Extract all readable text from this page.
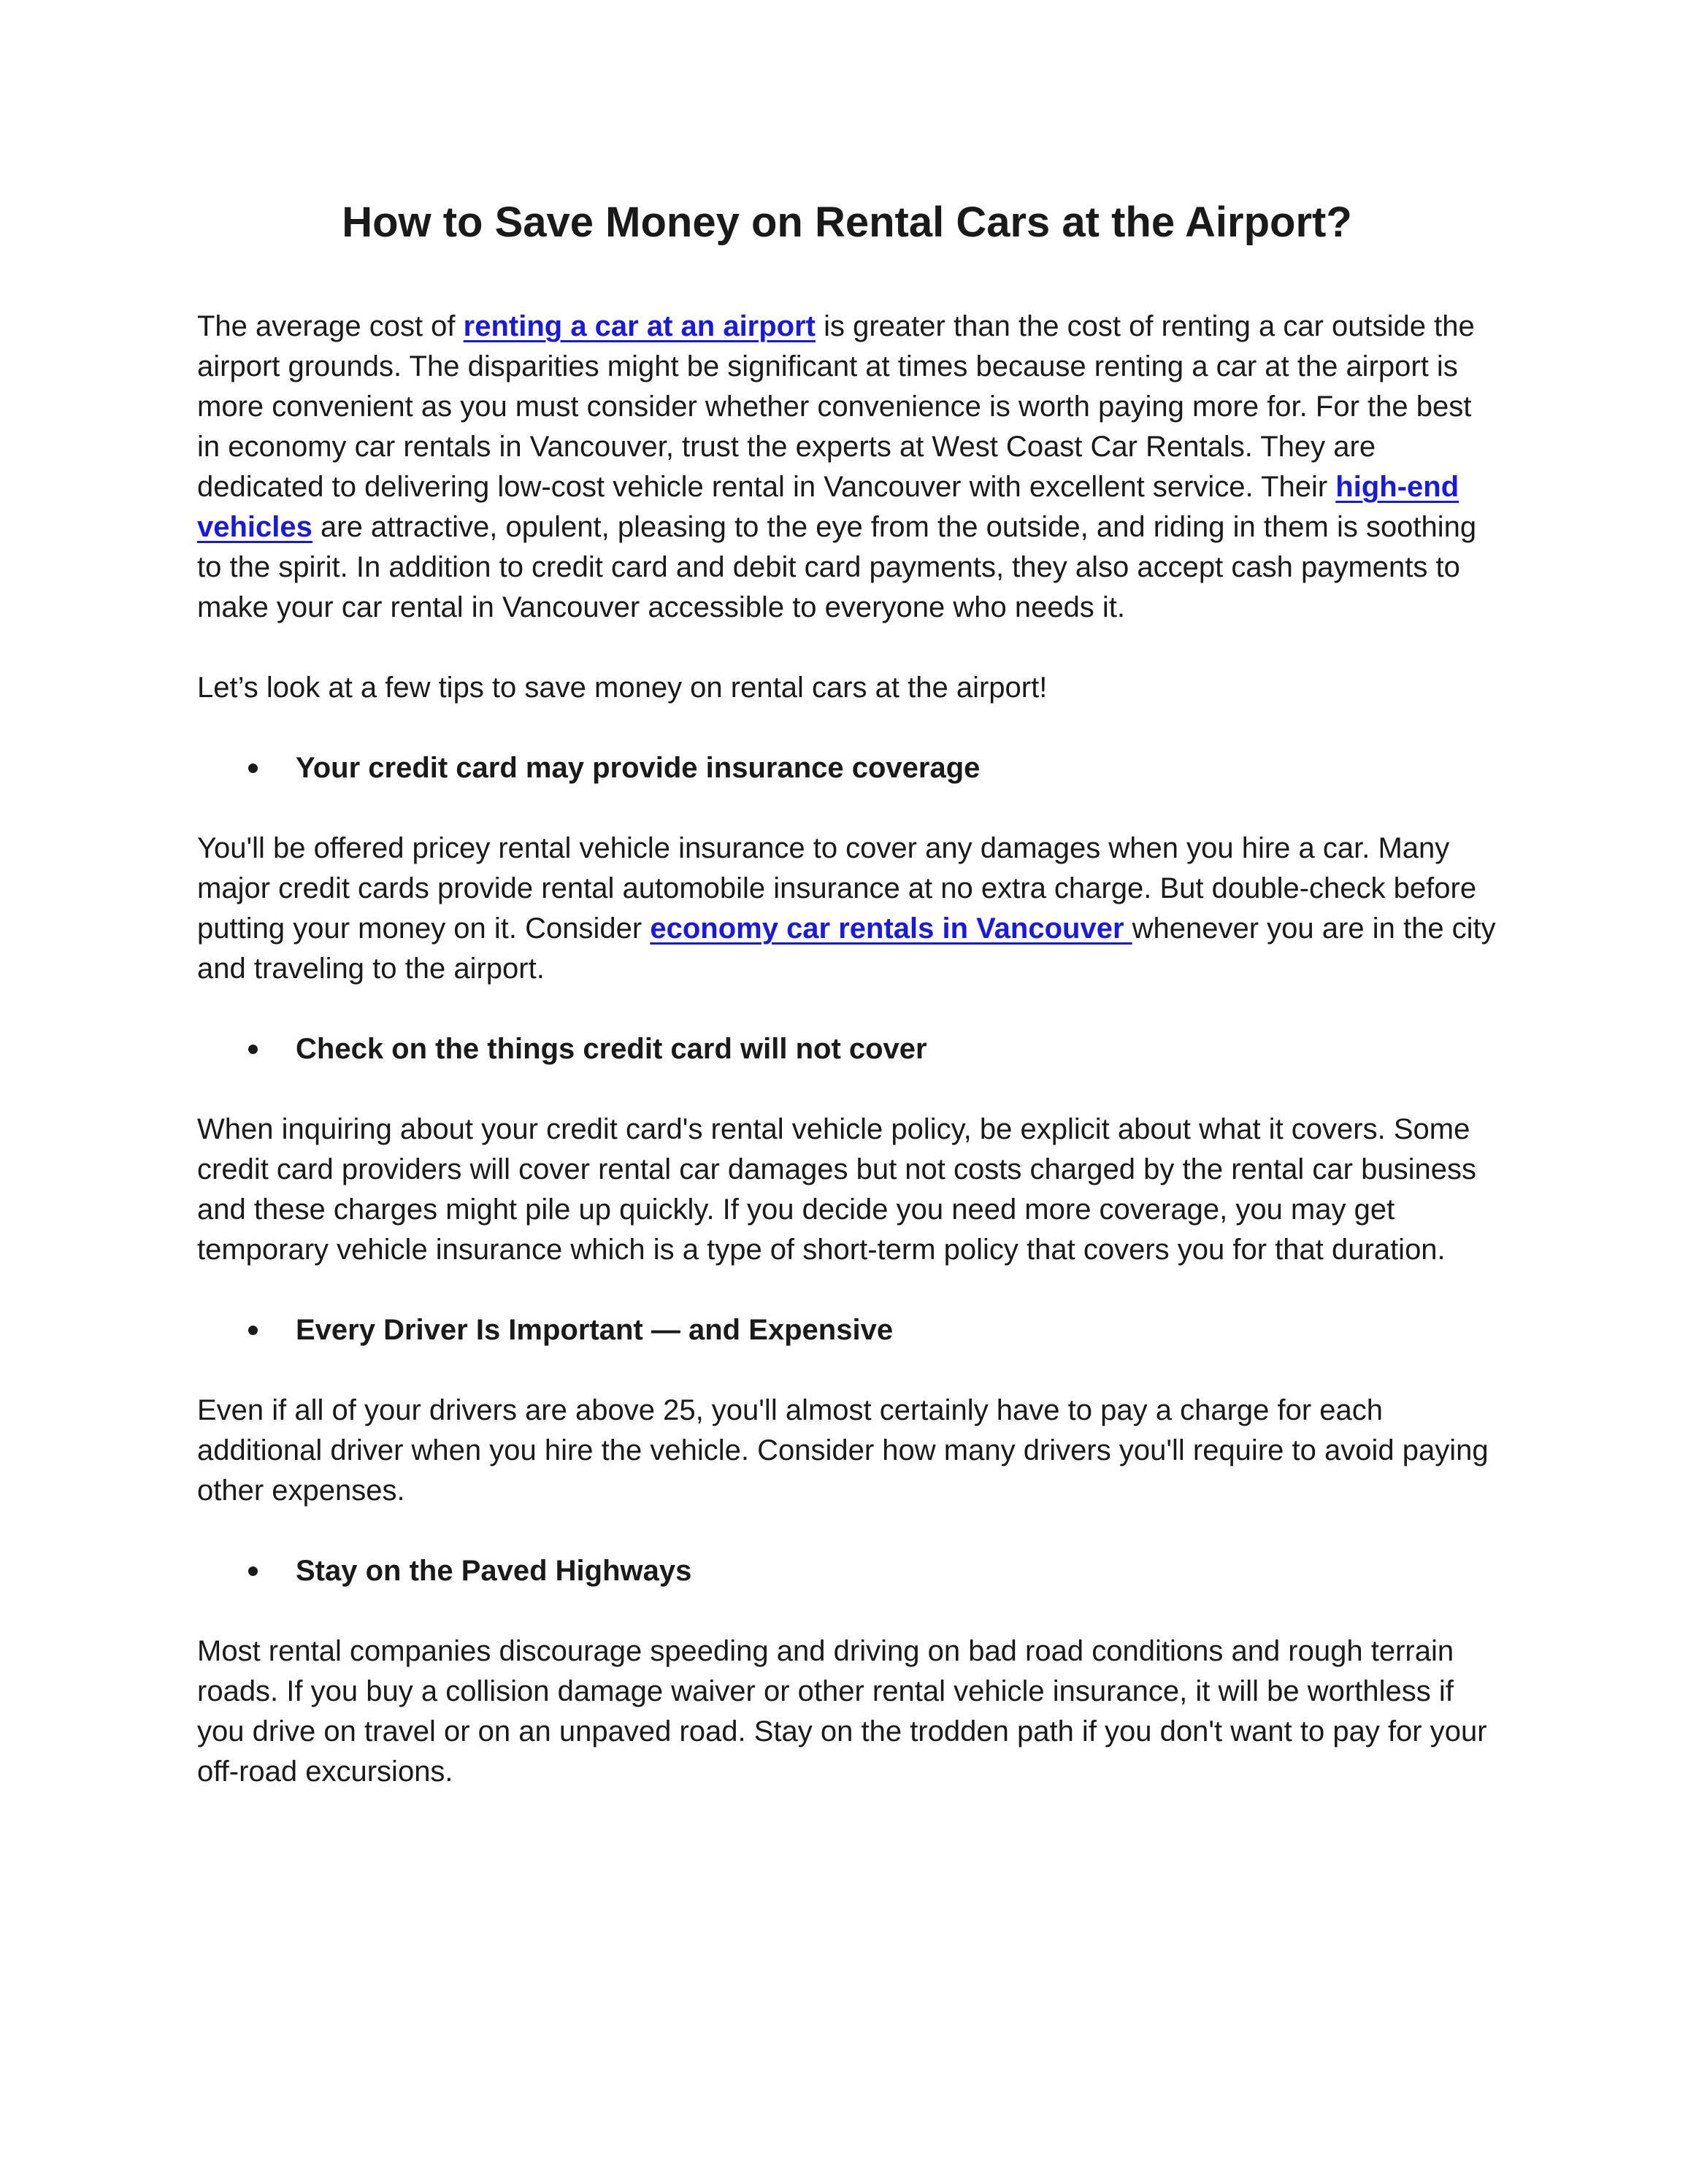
How to Save Money on Rental Cars at the Airport?

The average cost of renting a car at an airport is greater than the cost of renting a car outside the airport grounds. The disparities might be significant at times because renting a car at the airport is more convenient as you must consider whether convenience is worth paying more for. For the best in economy car rentals in Vancouver, trust the experts at West Coast Car Rentals. They are dedicated to delivering low-cost vehicle rental in Vancouver with excellent service. Their high-end vehicles are attractive, opulent, pleasing to the eye from the outside, and riding in them is soothing to the spirit. In addition to credit card and debit card payments, they also accept cash payments to make your car rental in Vancouver accessible to everyone who needs it.

Let’s look at a few tips to save money on rental cars at the airport!

Your credit card may provide insurance coverage

You'll be offered pricey rental vehicle insurance to cover any damages when you hire a car. Many major credit cards provide rental automobile insurance at no extra charge. But double-check before putting your money on it. Consider economy car rentals in Vancouver whenever you are in the city and traveling to the airport.

Check on the things credit card will not cover

When inquiring about your credit card's rental vehicle policy, be explicit about what it covers. Some credit card providers will cover rental car damages but not costs charged by the rental car business and these charges might pile up quickly. If you decide you need more coverage, you may get temporary vehicle insurance which is a type of short-term policy that covers you for that duration.

Every Driver Is Important — and Expensive

Even if all of your drivers are above 25, you'll almost certainly have to pay a charge for each additional driver when you hire the vehicle. Consider how many drivers you'll require to avoid paying other expenses.

Stay on the Paved Highways

Most rental companies discourage speeding and driving on bad road conditions and rough terrain roads. If you buy a collision damage waiver or other rental vehicle insurance, it will be worthless if you drive on travel or on an unpaved road. Stay on the trodden path if you don't want to pay for your off-road excursions.
